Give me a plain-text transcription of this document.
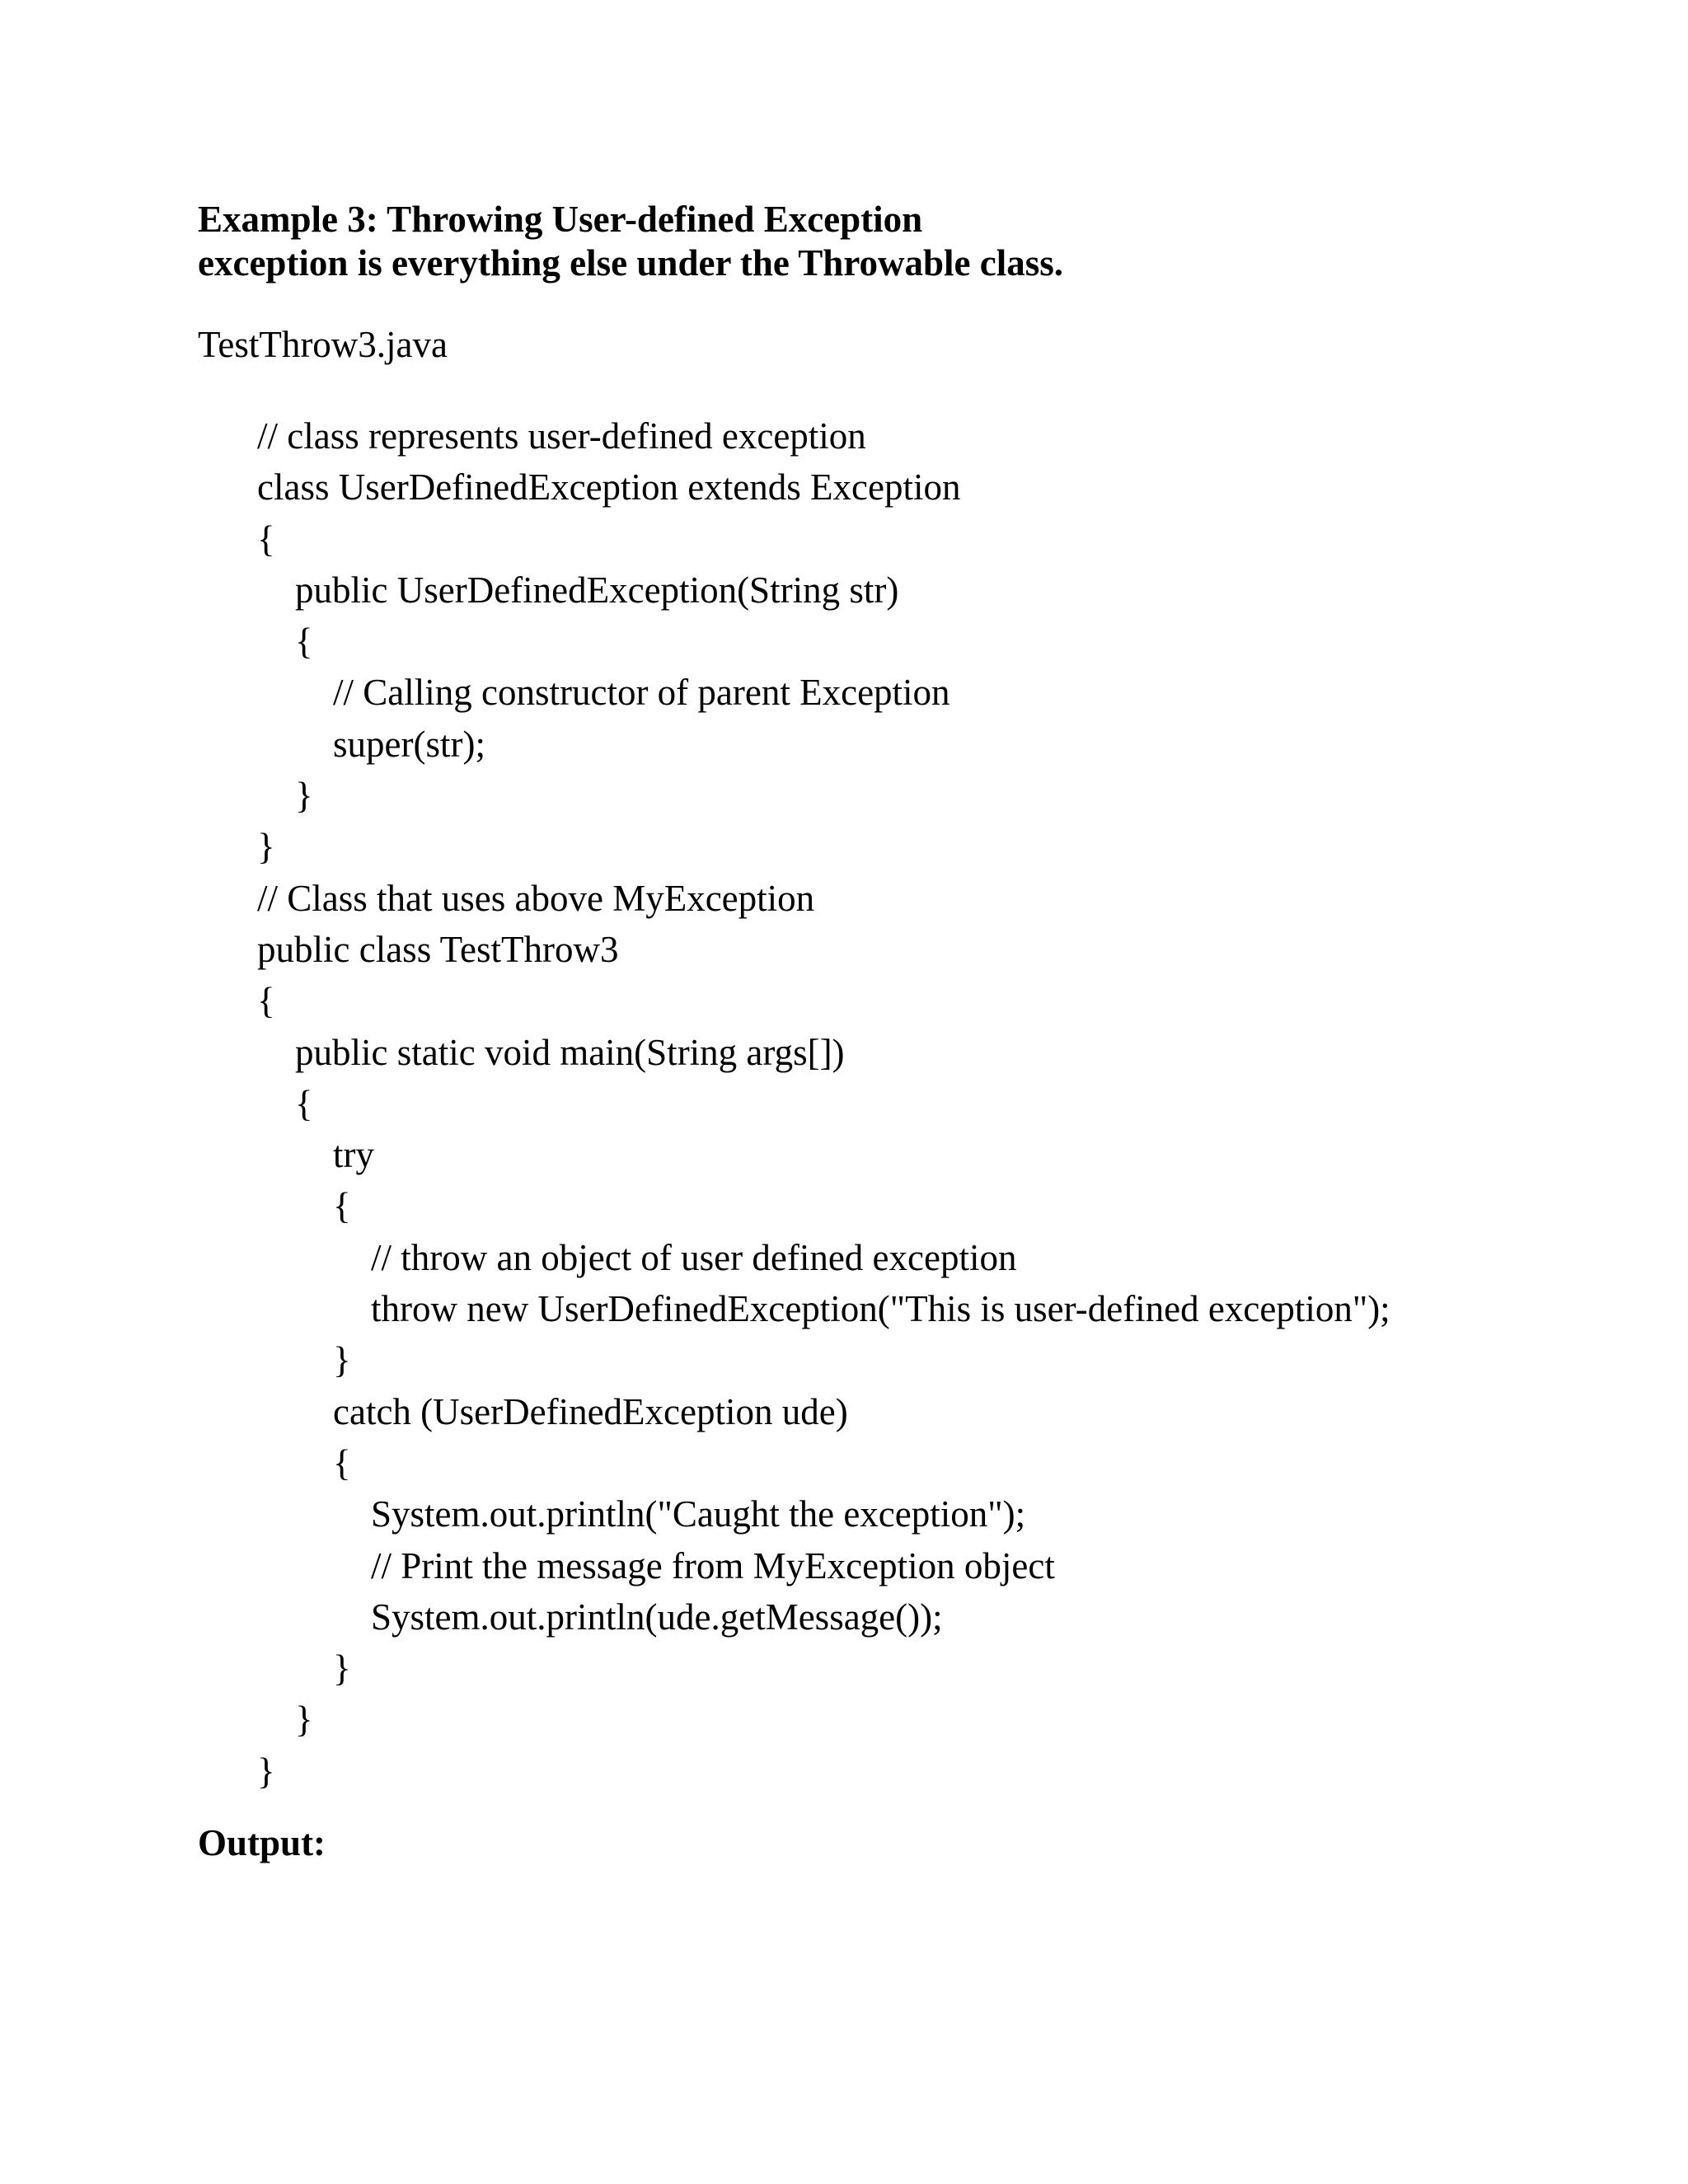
Example 3: Throwing User-defined Exception
exception is everything else under the Throwable class.
TestThrow3.java
// class represents user-defined exception
class UserDefinedException extends Exception
{
public UserDefinedException(String str)
{
// Calling constructor of parent Exception
super(str);
}
}
// Class that uses above MyException
public class TestThrow3
{
public static void main(String args[])
{
try
{
// throw an object of user defined exception
throw new UserDefinedException("This is user-defined exception");
}
catch (UserDefinedException ude)
{
System.out.println("Caught the exception");
// Print the message from MyException object
System.out.println(ude.getMessage());
}
}
}
Output:
